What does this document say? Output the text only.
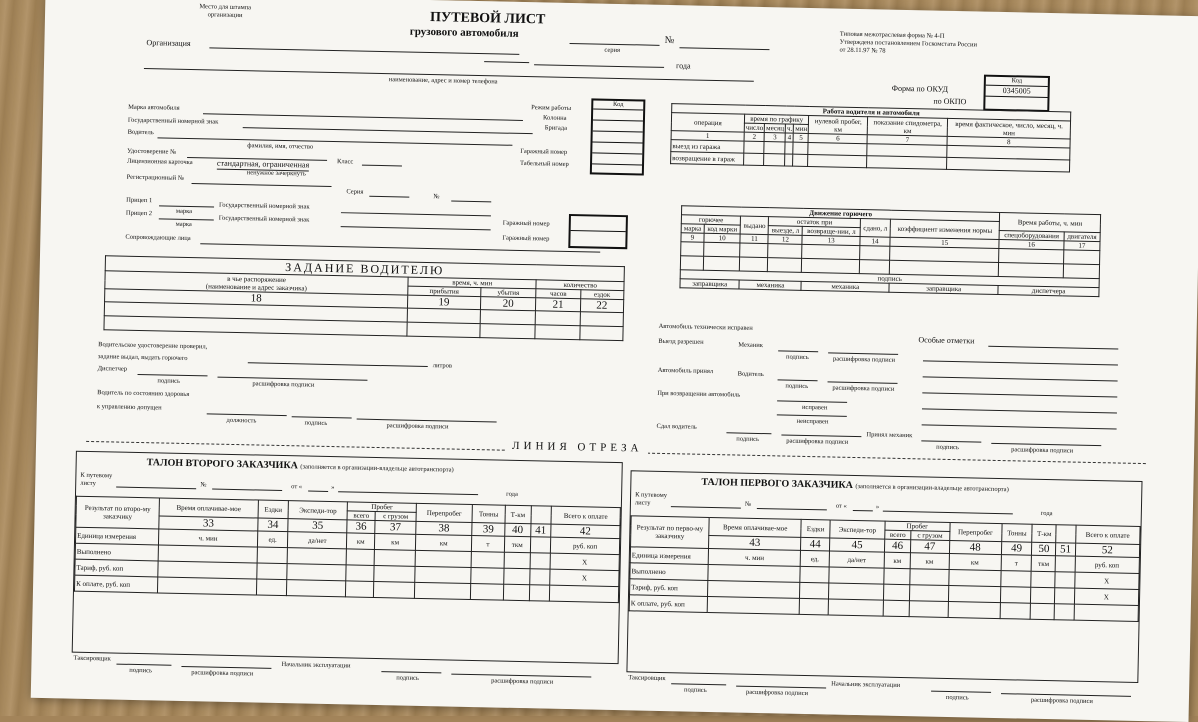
Место для штампа организации	ПУТЕВОЙ ЛИСТ
грузового автомобиля
серия
№	Типовая межотраслевая форма № 4-П
Утверждена постановлением Госкомстата России
от 28.11.97 № 78
Организация
года
наименование, адрес и номер телефона
Форма по ОКУД
по ОКПО
Код
0345005
Режим работы
Колонна
Бригада
Код
Марка автомобиля
Государственный номерной знак
Водитель
фамилия, имя, отчество
Гаражный номер
Табельный номер
Удостоверение №
Класс
Лицензионная карточка	стандартная, ограниченная
ненужное зачеркнуть
Регистрационный №
Серия
№
Прицеп 1
марка
Государственный номерной знак
Гаражный номер
Прицеп 2
марка
Государственный номерной знак
Гаражный номер
Сопровождающие лица
Работа водителя и автомобиля							
операция	время по графику				нулевой пробег, км	показание спидометра, км	время фактическое, число, месяц, ч. мин
	число	месяц	ч.	мин			
1	2	3	4	5	6	7	8
выезд из гаража							
возвращение в гараж							
Движение горючего							Время работы, ч. мин	
горючее		выдано	остаток при		сдано, л	коэффициент изменения нормы		
марка	код марки		выезде, л	возвраще-нии, л			спецоборудования	двигателя
9	10	11	12	13	14	15	16	17

подпись								
заправщика		механика		механика		заправщика	диспетчера	
ЗАДАНИЕ ВОДИТЕЛЮ				

в чье распоряжение
(наименование и адрес заказчика)	время, ч. мин		количество	
	прибытия	убытия	часов	ездок
18	19	20	21	22

Водительское удостоверение проверил,
задание выдал, выдать горючего
литров
Диспетчер
подпись	расшифровка подписи
Водитель по состоянию здоровья
к управлению допущен
должность	подпись	расшифровка подписи
Автомобиль технически исправен
Выезд разрешен	Механик
подпись	расшифровка подписи
Особые отметки
Автомобиль принял	Водитель
подпись	расшифровка подписи
При возвращении автомобиль
исправен
неисправен
Сдал водитель
подпись	расшифровка подписи
Принял механик
подпись	расшифровка подписи
ЛИНИЯ ОТРЕЗА
ТАЛОН ВТОРОГО ЗАКАЗЧИКА (заполняется в организации-владельце автотранспорта)
К путевому листу	№	от «	»
года
Результат по второ-му заказчику	Время оплачивае-мое	Ездки	Экспеди-тор	Пробег		Перепробег	Тонны	Т-км		Всего к оплате
				всего	с грузом					
	33	34	35	36	37	38	39	40	41	42
Единица измерения	ч. мин	ед.	да/нет	км	км	км	т	ткм		руб. коп
Выполнено										X
Тариф, руб. коп										X
К оплате, руб. коп										
Таксировщик
подпись	расшифровка подписи
Начальник эксплуатации
подпись	расшифровка подписи
ТАЛОН ПЕРВОГО ЗАКАЗЧИКА (заполняется в организации-владельце автотранспорта)
К путевому листу	№	от «	»
года
Результат по перво-му заказчику	Время оплачивае-мое	Ездки	Экспеди-тор	Пробег		Перепробег	Тонны	Т-км		Всего к оплате
				всего	с грузом					
	43	44	45	46	47	48	49	50	51	52
Единица измерения	ч. мин	ед.	да/нет	км	км	км	т	ткм		руб. коп
Выполнено										X
Тариф, руб. коп										X
К оплате, руб. коп										
Таксировщик
подпись	расшифровка подписи
Начальник эксплуатации
подпись	расшифровка подписи
